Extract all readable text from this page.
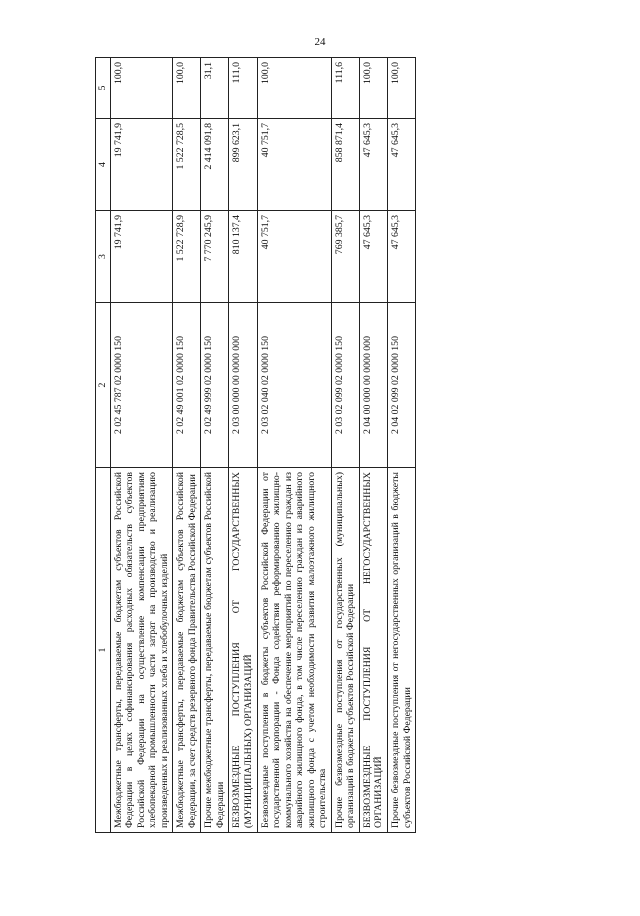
24
1	2	3	4	5
Межбюджетные трансферты, передаваемые бюджетам субъектов Российской Федерации в целях софинансирования расходных обязательств субъектов Российской Федерации на осуществление компенсации предприятиям хлебопекарной промышленности части затрат на производство и реализацию произведенных и реализованных хлеба и хлебобулочных изделий	2 02 45 787 02 0000 150	19 741,9	19 741,9	100,0
Межбюджетные трансферты, передаваемые бюджетам субъектов Российской Федерации, за счет средств резервного фонда Правительства Российской Федерации	2 02 49 001 02 0000 150	1 522 728,9	1 522 728,5	100,0
Прочие межбюджетные трансферты, передаваемые бюджетам субъектов Российской Федерации	2 02 49 999 02 0000 150	7 770 245,9	2 414 091,8	31,1
БЕЗВОЗМЕЗДНЫЕ ПОСТУПЛЕНИЯ ОТ ГОСУДАРСТВЕННЫХ (МУНИЦИПАЛЬНЫХ) ОРГАНИЗАЦИЙ	2 03 00 000 00 0000 000	810 137,4	899 623,1	111,0
Безвозмездные поступления в бюджеты субъектов Российской Федерации от государственной корпорации - Фонда содействия реформированию жилищно-коммунального хозяйства на обеспечение мероприятий по переселению граждан из аварийного жилищного фонда, в том числе переселению граждан из аварийного жилищного фонда с учетом необходимости развития малоэтажного жилищного строительства	2 03 02 040 02 0000 150	40 751,7	40 751,7	100,0
Прочие безвозмездные поступления от государственных (муниципальных) организаций в бюджеты субъектов Российской Федерации	2 03 02 099 02 0000 150	769 385,7	858 871,4	111,6
БЕЗВОЗМЕЗДНЫЕ ПОСТУПЛЕНИЯ ОТ НЕГОСУДАРСТВЕННЫХ ОРГАНИЗАЦИЙ	2 04 00 000 00 0000 000	47 645,3	47 645,3	100,0
Прочие безвозмездные поступления от негосударственных организаций в бюджеты субъектов Российской Федерации	2 04 02 099 02 0000 150	47 645,3	47 645,3	100,0
